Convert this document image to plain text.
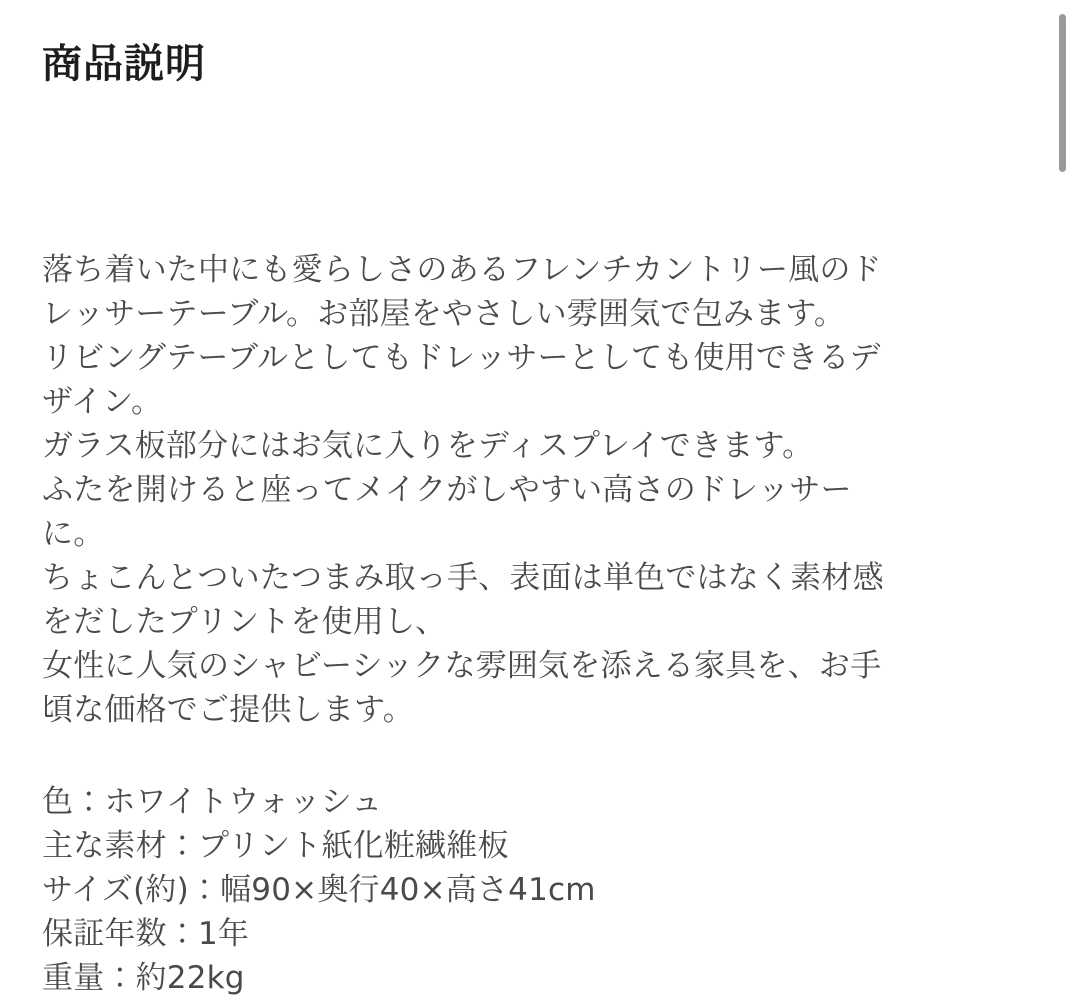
商品説明

落ち着いた中にも愛らしさのあるフレンチカントリー風のド

レッサーテーブル。お部屋をやさしい雰囲気で包みます。

リビングテーブルとしてもドレッサーとしても使用できるデ

ザイン。

ガラス板部分にはお気に入りをディスプレイできます。

ふたを開けると座ってメイクがしやすい高さのドレッサー

に。

ちょこんとついたつまみ取っ手、表面は単色ではなく素材感

をだしたプリントを使用し、

女性に人気のシャビーシックな雰囲気を添える家具を、お手

頃な価格でご提供します。

色：ホワイトウォッシュ

主な素材：プリント紙化粧繊維板

サイズ(約)：幅90×奥行40×高さ41cm

保証年数：1年

重量：約22kg
